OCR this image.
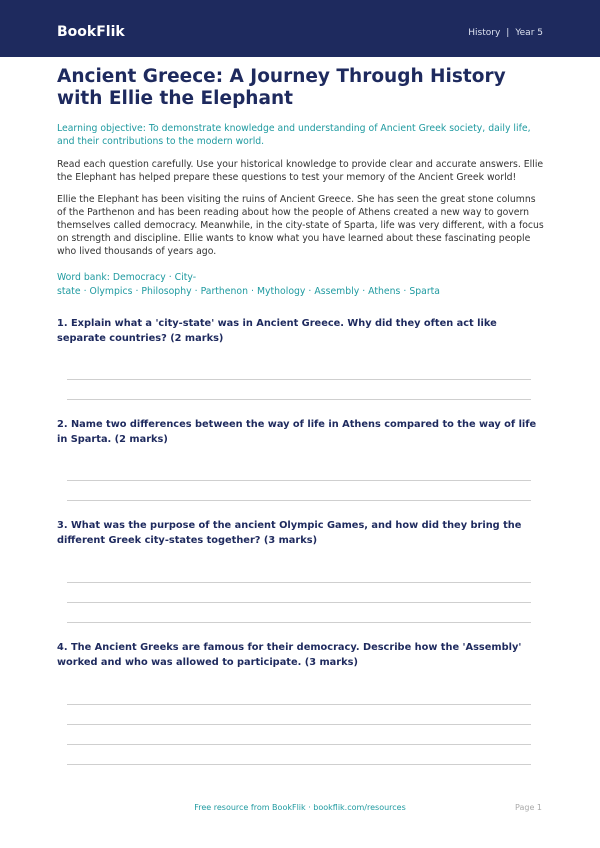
BookFlik	History | Year 5
Ancient Greece: A Journey Through History with Ellie the Elephant

Learning objective: To demonstrate knowledge and understanding of Ancient Greek society, daily life, and their contributions to the modern world.

Read each question carefully. Use your historical knowledge to provide clear and accurate answers. Ellie the Elephant has helped prepare these questions to test your memory of the Ancient Greek world!

Ellie the Elephant has been visiting the ruins of Ancient Greece. She has seen the great stone columns of the Parthenon and has been reading about how the people of Athens created a new way to govern themselves called democracy. Meanwhile, in the city-state of Sparta, life was very different, with a focus on strength and discipline. Ellie wants to know what you have learned about these fascinating people who lived thousands of years ago.

Word bank: Democracy · City-state · Olympics · Philosophy · Parthenon · Mythology · Assembly · Athens · Sparta

1. Explain what a 'city-state' was in Ancient Greece. Why did they often act like separate countries? (2 marks)

2. Name two differences between the way of life in Athens compared to the way of life in Sparta. (2 marks)

3. What was the purpose of the ancient Olympic Games, and how did they bring the different Greek city-states together? (3 marks)

4. The Ancient Greeks are famous for their democracy. Describe how the 'Assembly' worked and who was allowed to participate. (3 marks)

Free resource from BookFlik · bookflik.com/resources	Page 1
